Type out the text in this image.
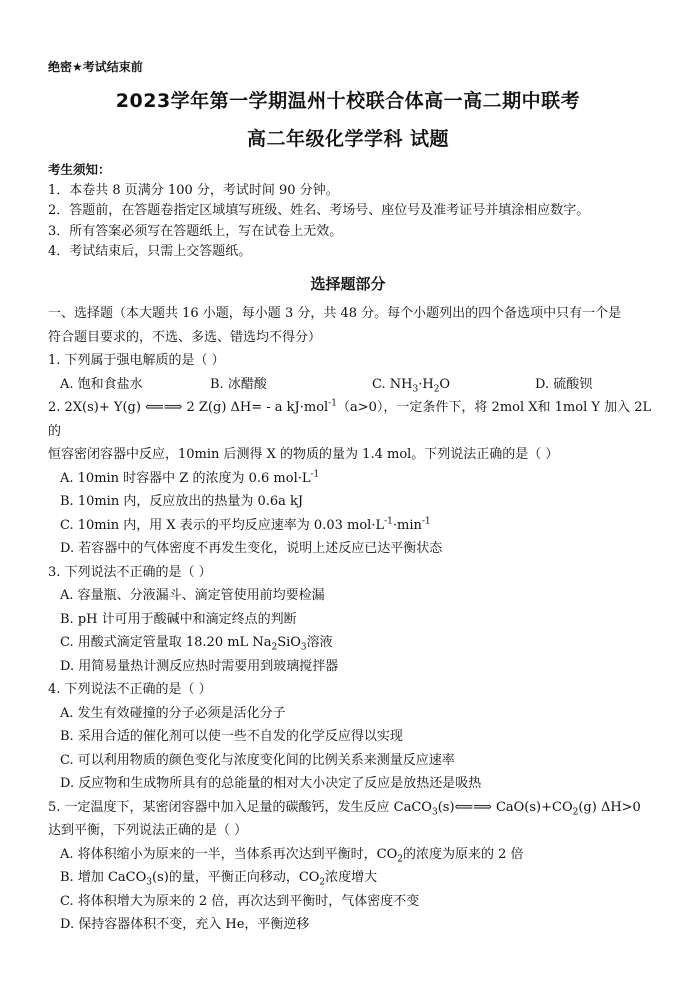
绝密★考试结束前
2023学年第一学期温州十校联合体高一高二期中联考
高二年级化学学科 试题
考生须知：
1．本卷共 8 页满分 100 分，考试时间 90 分钟。
2．答题前，在答题卷指定区域填写班级、姓名、考场号、座位号及准考证号并填涂相应数字。
3．所有答案必须写在答题纸上，写在试卷上无效。
4．考试结束后，只需上交答题纸。
选择题部分

一、选择题（本大题共 16 小题，每小题 3 分，共 48 分。每个小题列出的四个备选项中只有一个是

符合题目要求的，不选、多选、错选均不得分）

1. 下列属于强电解质的是（ ）

A. 饱和食盐水	B. 冰醋酸	C. $NH_3\cdot H_2O$	D. 硫酸钡

2. 2X(s)+ Y(g) ⟸⟹ 2 Z(g) ΔH= - a kJ·mol$^{-1}$（a>0），一定条件下，将 2mol X和 1mol Y 加入 2L 的

恒容密闭容器中反应，10min 后测得 X 的物质的量为 1.4 mol。下列说法正确的是（ ）

A. 10min 时容器中 Z 的浓度为 0.6 $mol\cdot L^{-1}$

B. 10min 内，反应放出的热量为 0.6a kJ

C. 10min 内，用 X 表示的平均反应速率为 0.03 $mol\cdot L^{-1}\cdot\min^{-1}$

D. 若容器中的气体密度不再发生变化，说明上述反应已达平衡状态

3. 下列说法不正确的是（ ）

A. 容量瓶、分液漏斗、滴定管使用前均要检漏

B. pH 计可用于酸碱中和滴定终点的判断

C. 用酸式滴定管量取 18.20 mL $Na_2SiO_3$溶液

D. 用简易量热计测反应热时需要用到玻璃搅拌器

4. 下列说法不正确的是（ ）

A. 发生有效碰撞的分子必须是活化分子

B. 采用合适的催化剂可以使一些不自发的化学反应得以实现

C. 可以利用物质的颜色变化与浓度变化间的比例关系来测量反应速率

D. 反应物和生成物所具有的总能量的相对大小决定了反应是放热还是吸热

5. 一定温度下，某密闭容器中加入足量的碳酸钙，发生反应 CaCO$_3$(s)⟸⟹ $CaO(s)+CO_2(g)$ ΔH>0

达到平衡，下列说法正确的是（ ）

A. 将体积缩小为原来的一半，当体系再次达到平衡时，$CO_2$的浓度为原来的 2 倍

B. 增加 CaCO$_3$(s)的量，平衡正向移动，$CO_2$浓度增大

C. 将体积增大为原来的 2 倍，再次达到平衡时，气体密度不变

D. 保持容器体积不变，充入 He，平衡逆移
